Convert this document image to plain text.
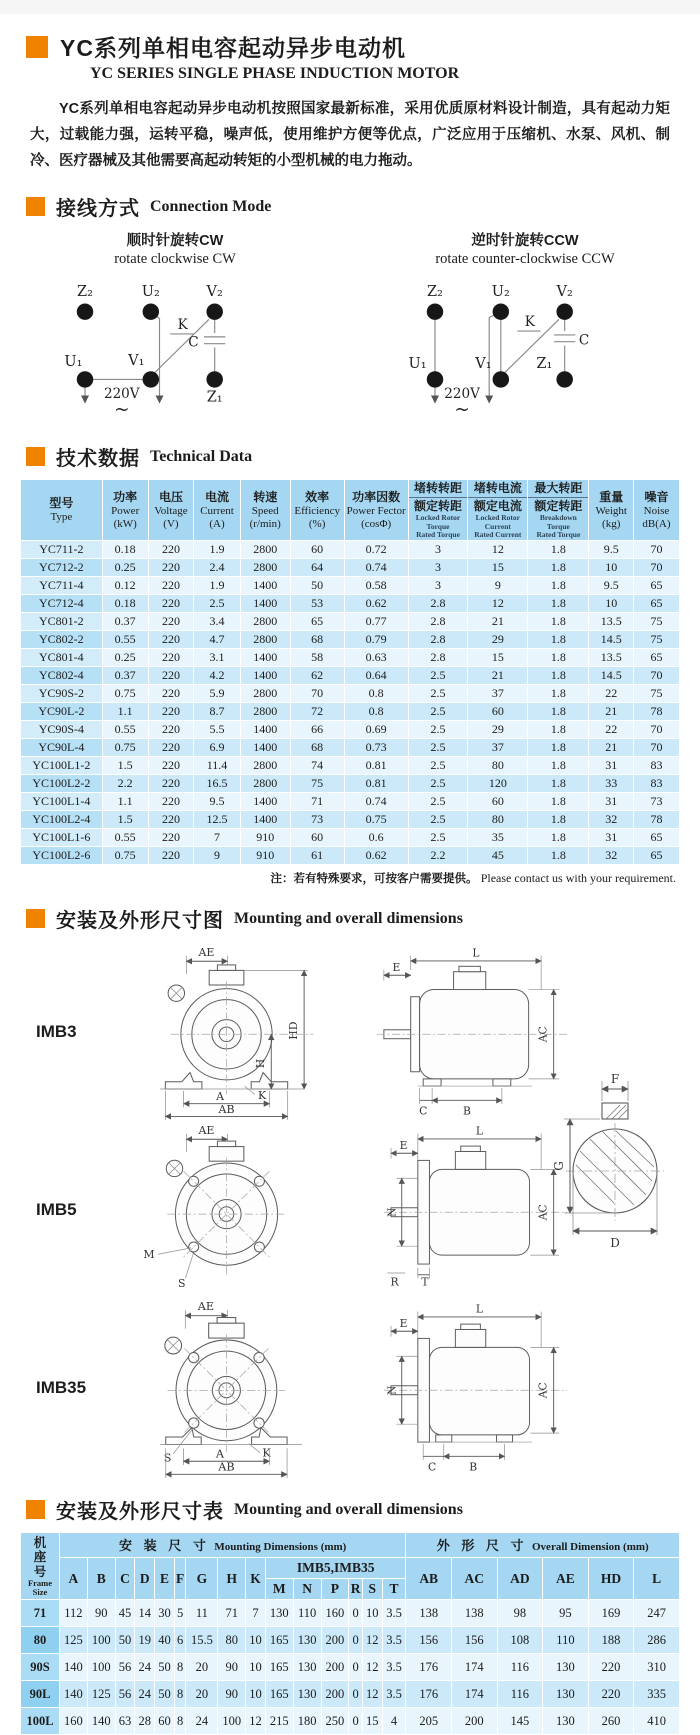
YC系列单相电容起动异步电动机
YC SERIES SINGLE PHASE INDUCTION MOTOR

YC系列单相电容起动异步电动机按照国家最新标准，采用优质原材料设计制造，具有起动力矩大，过载能力强，运转平稳，噪声低，使用维护方便等优点，广泛应用于压缩机、水泵、风机、制冷、医疗器械及其他需要高起动转矩的小型机械的电力拖动。

接线方式 Connection Mode
顺时针旋转CW
rotate clockwise CW
Z₂	U₂	V₂
U₁	V₁
Z₁
K
C
220V
~
逆时针旋转CCW
rotate counter-clockwise CCW
Z₂	U₂	V₂
U₁	V₁	Z₁
K
C
220V
~
技术数据 Technical Data
型号
Type

功率
Power
(kW)

电压
Voltage
(V)

电流
Current
(A)

转速
Speed
(r/min)

效率
Efficiency
(%)

功率因数
Power Fector
(cosΦ)

堵转转距
额定转距
Locked Rotor Torque
Rated Torque

堵转电流
额定电流
Locked Rotor Current
Rated Current

最大转距
额定转距
Breakdown Torque
Rated Torque

重量
Weight
(kg)

噪音
Noise
dB(A)

YC711-2	0.18	220	1.9	2800	60	0.72	3	12	1.8	9.5	70
YC712-2	0.25	220	2.4	2800	64	0.74	3	15	1.8	10	70
YC711-4	0.12	220	1.9	1400	50	0.58	3	9	1.8	9.5	65
YC712-4	0.18	220	2.5	1400	53	0.62	2.8	12	1.8	10	65
YC801-2	0.37	220	3.4	2800	65	0.77	2.8	21	1.8	13.5	75
YC802-2	0.55	220	4.7	2800	68	0.79	2.8	29	1.8	14.5	75
YC801-4	0.25	220	3.1	1400	58	0.63	2.8	15	1.8	13.5	65
YC802-4	0.37	220	4.2	1400	62	0.64	2.5	21	1.8	14.5	70
YC90S-2	0.75	220	5.9	2800	70	0.8	2.5	37	1.8	22	75
YC90L-2	1.1	220	8.7	2800	72	0.8	2.5	60	1.8	21	78
YC90S-4	0.55	220	5.5	1400	66	0.69	2.5	29	1.8	22	70
YC90L-4	0.75	220	6.9	1400	68	0.73	2.5	37	1.8	21	70
YC100L1-2	1.5	220	11.4	2800	74	0.81	2.5	80	1.8	31	83
YC100L2-2	2.2	220	16.5	2800	75	0.81	2.5	120	1.8	33	83
YC100L1-4	1.1	220	9.5	1400	71	0.74	2.5	60	1.8	31	73
YC100L2-4	1.5	220	12.5	1400	73	0.75	2.5	80	1.8	32	78
YC100L1-6	0.55	220	7	910	60	0.6	2.5	35	1.8	31	65
YC100L2-6	0.75	220	9	910	61	0.62	2.2	45	1.8	32	65
注：若有特殊要求，可按客户需要提供。 Please contact us with your requirement.
安装及外形尺寸图 Mounting and overall dimensions
IMB3
AE
H
HD
K
A
AB
L
E
AC
C	B
IMB5
AE
M
S
L
E
N	AC
R T
IMB35
AE
S	K
A
AB
L
E
N	AC
C	B
F
G
D
安装及外形尺寸表 Mounting and overall dimensions
机座号
Frame Size	安 装 尺 寸 Mounting Dimensions (mm)															外 形 尺 寸 Overall Dimension (mm)					
	A	B	C	D	E	F	G	H	K	IMB5,IMB35						AB	AC	AD	AE	HD	L
										M	N	P	R	S	T						
71	112	90	45	14	30	5	11	71	7	130	110	160	0	10	3.5	138	138	98	95	169	247
80	125	100	50	19	40	6	15.5	80	10	165	130	200	0	12	3.5	156	156	108	110	188	286
90S	140	100	56	24	50	8	20	90	10	165	130	200	0	12	3.5	176	174	116	130	220	310
90L	140	125	56	24	50	8	20	90	10	165	130	200	0	12	3.5	176	174	116	130	220	335
100L	160	140	63	28	60	8	24	100	12	215	180	250	0	15	4	205	200	145	130	260	410
